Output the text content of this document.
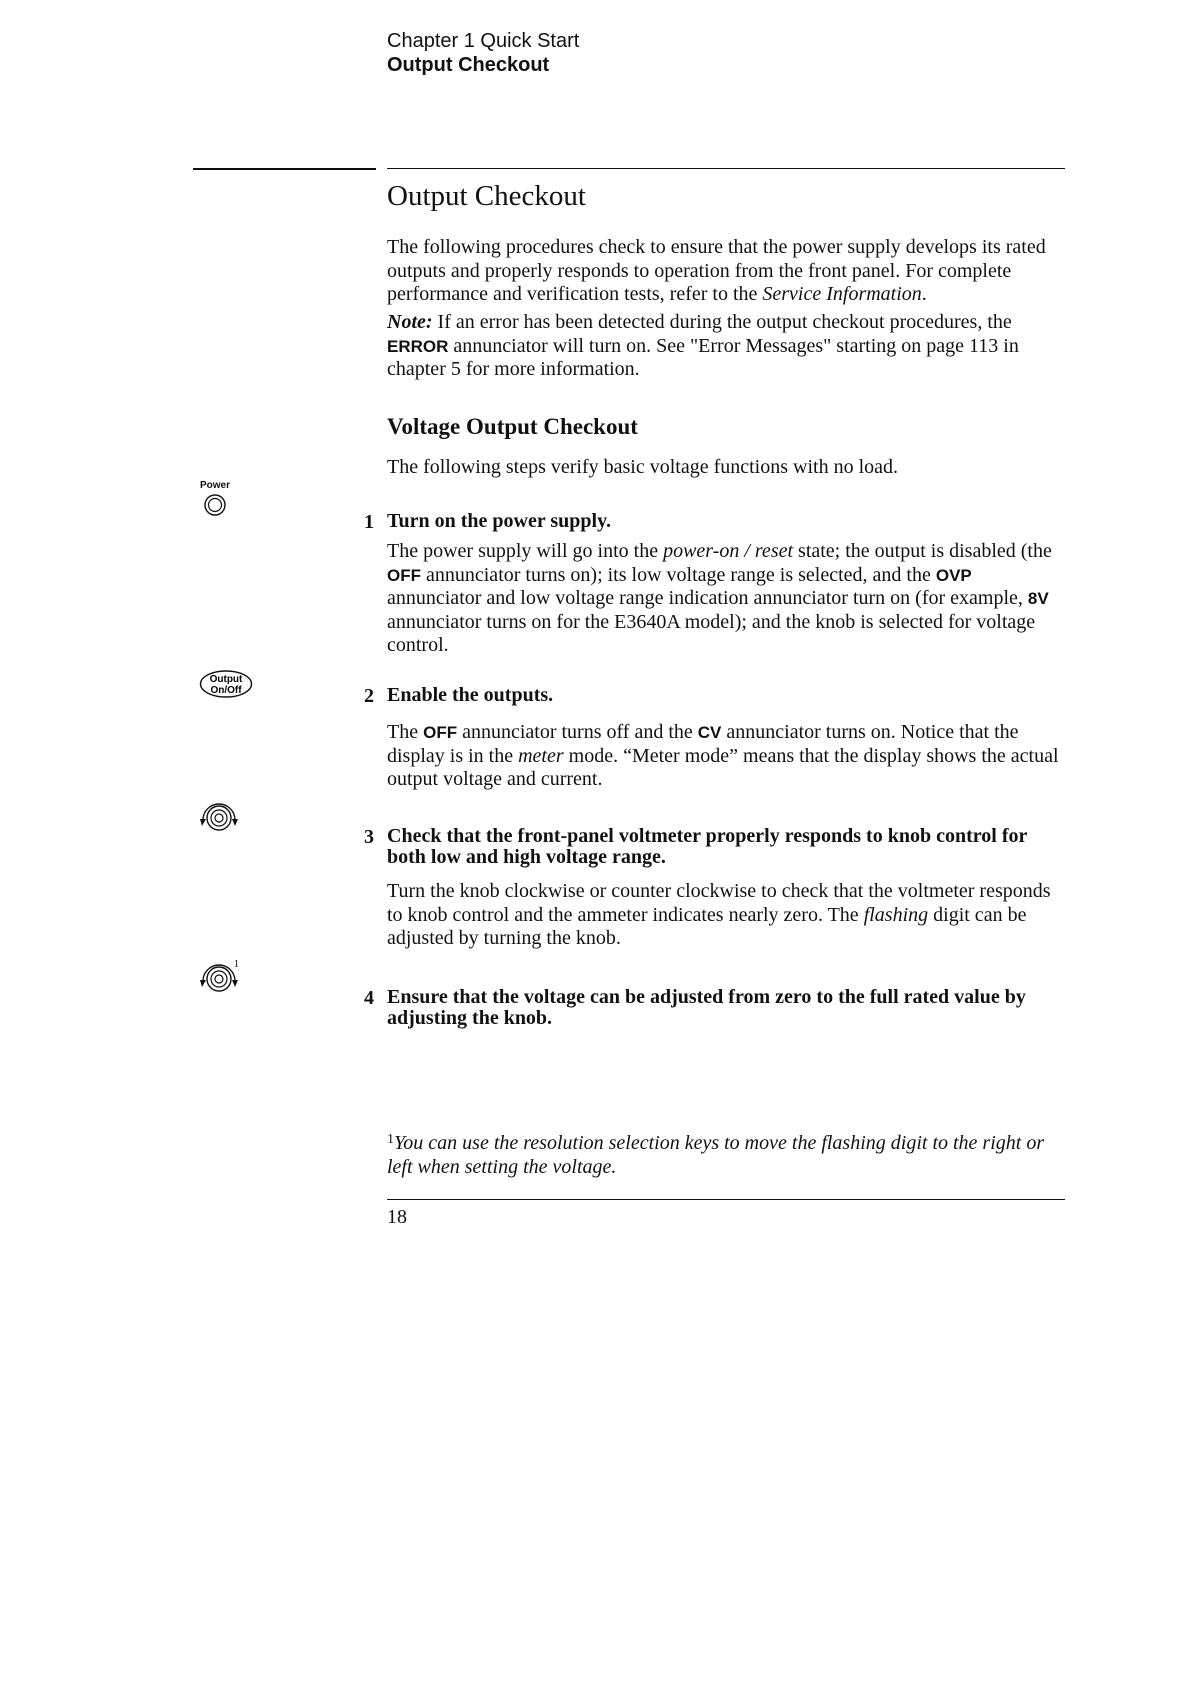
Chapter 1 Quick Start
Output Checkout
Output Checkout
The following procedures check to ensure that the power supply develops its rated outputs and properly responds to operation from the front panel. For complete performance and verification tests, refer to the Service Information.
Note: If an error has been detected during the output checkout procedures, the ERROR annunciator will turn on. See "Error Messages" starting on page 113 in chapter 5 for more information.
Voltage Output Checkout
The following steps verify basic voltage functions with no load.
Power
1 Turn on the power supply.
The power supply will go into the power-on / reset state; the output is disabled (the OFF annunciator turns on); its low voltage range is selected, and the OVP annunciator and low voltage range indication annunciator turn on (for example, 8V annunciator turns on for the E3640A model); and the knob is selected for voltage control.
Output
On/Off	2 Enable the outputs.
The OFF annunciator turns off and the CV annunciator turns on. Notice that the display is in the meter mode. “Meter mode” means that the display shows the actual output voltage and current.
3 Check that the front-panel voltmeter properly responds to knob control for both low and high voltage range.
Turn the knob clockwise or counter clockwise to check that the voltmeter responds to knob control and the ammeter indicates nearly zero. The flashing digit can be adjusted by turning the knob.
1
4 Ensure that the voltage can be adjusted from zero to the full rated value by adjusting the knob.
$^1$You can use the resolution selection keys to move the flashing digit to the right or left when setting the voltage.
18
